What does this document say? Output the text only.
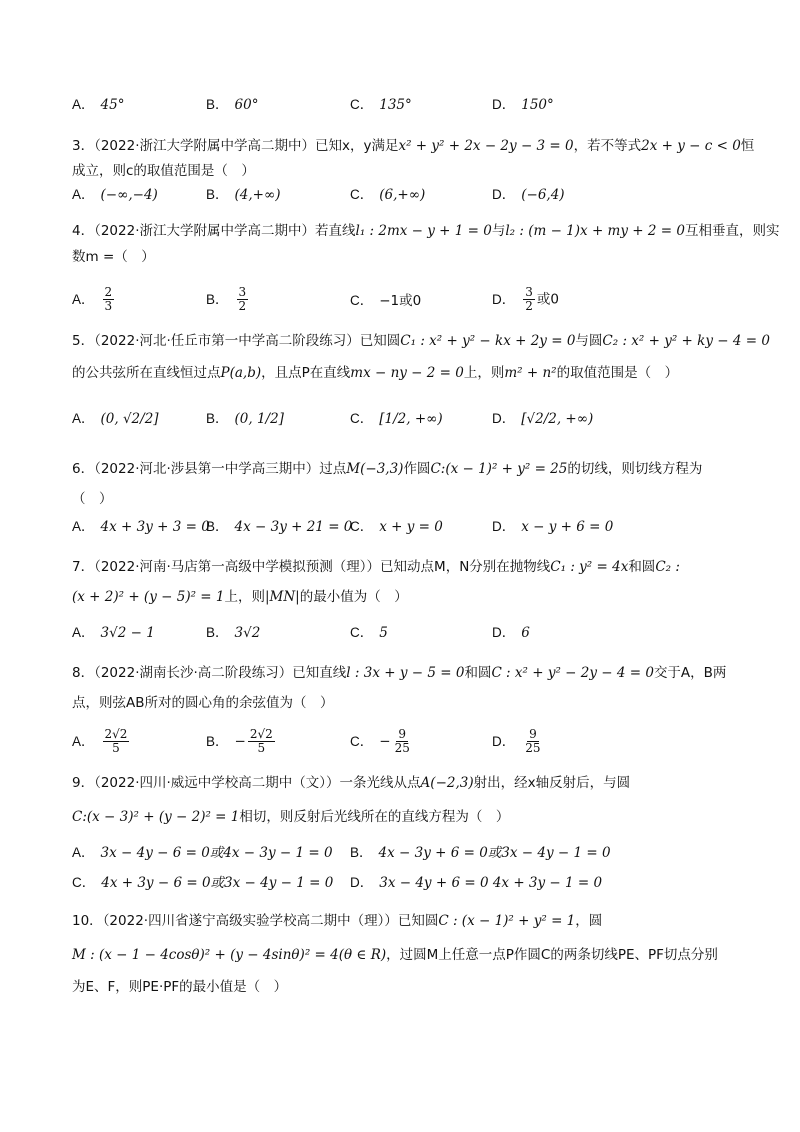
A． 45°	B． 60°	C． 135°	D． 150°
3．（2022·浙江大学附属中学高二期中）已知x，y满足x² + y² + 2x − 2y − 3 = 0，若不等式2x + y − c < 0恒
成立，则c的取值范围是（　）
A． (−∞,−4)	B． (4,+∞)	C． (6,+∞)	D． (−6,4)
4．（2022·浙江大学附属中学高二期中）若直线l₁ : 2mx − y + 1 = 0与l₂ : (m − 1)x + my + 2 = 0互相垂直，则实
数m =（　）
A． $\frac{2}{3}$	B． $\frac{3}{2}$	C． −1或0	D． $\frac{3}{2}$ 或0
5．（2022·河北·任丘市第一中学高二阶段练习）已知圆C₁ : x² + y² − kx + 2y = 0与圆C₂ : x² + y² + ky − 4 = 0
的公共弦所在直线恒过点P(a,b)，且点P在直线mx − ny − 2 = 0上，则m² + n²的取值范围是（　）
A． (0, √2/2]	B． (0, 1/2]	C． [1/2, +∞)	D． [√2/2, +∞)
6．（2022·河北·涉县第一中学高三期中）过点M(−3,3)作圆C:(x − 1)² + y² = 25的切线，则切线方程为
（　）
A． 4x + 3y + 3 = 0
B． 4x − 3y + 21 = 0
C． x + y = 0	D． x − y + 6 = 0
7．（2022·河南·马店第一高级中学模拟预测（理））已知动点M，N分别在抛物线C₁ : y² = 4x和圆C₂ :
(x + 2)² + (y − 5)² = 1上，则|MN|的最小值为（　）
A． 3√2 − 1	B． 3√2	C． 5	D． 6
8．（2022·湖南长沙·高二阶段练习）已知直线l : 3x + y − 5 = 0和圆C : x² + y² − 2y − 4 = 0交于A，B两
点，则弦AB所对的圆心角的余弦值为（　）
A． $\frac{2√2}{5}$	B． − $\frac{2√2}{5}$	C． − $\frac{9}{25}$	D． $\frac{9}{25}$
9．（2022·四川·威远中学校高二期中（文））一条光线从点A(−2,3)射出，经x轴反射后，与圆
C:(x − 3)² + (y − 2)² = 1相切，则反射后光线所在的直线方程为（　）
A． 3x − 4y − 6 = 0或4x − 3y − 1 = 0 B． 4x − 3y + 6 = 0或3x − 4y − 1 = 0
C． 4x + 3y − 6 = 0或3x − 4y − 1 = 0 D． 3x − 4y + 6 = 0 4x + 3y − 1 = 0
10．（2022·四川省遂宁高级实验学校高二期中（理））已知圆C : (x − 1)² + y² = 1，圆
M : (x − 1 − 4cosθ)² + (y − 4sinθ)² = 4(θ ∈ R)，过圆M上任意一点P作圆C的两条切线PE、PF切点分别
为E、F，则PE·PF的最小值是（　）
